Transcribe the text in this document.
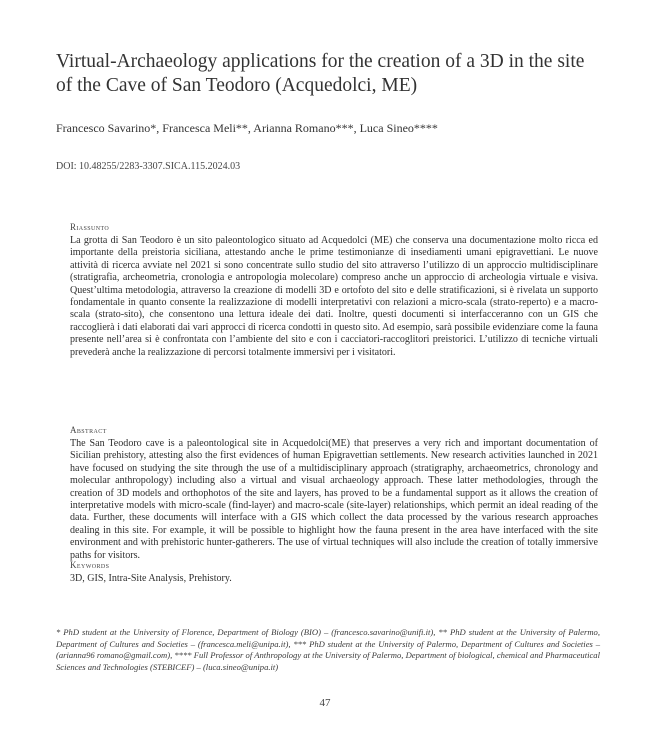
Virtual-Archaeology applications for the creation of a 3D in the site of the Cave of San Teodoro (Acquedolci, ME)
Francesco Savarino*, Francesca Meli**, Arianna Romano***, Luca Sineo****
DOI: 10.48255/2283-3307.SICA.115.2024.03
Riassunto

La grotta di San Teodoro è un sito paleontologico situato ad Acquedolci (ME) che conserva una documentazione molto ricca ed importante della preistoria siciliana, attestando anche le prime testimonianze di insediamenti umani epigravettiani. Le nuove attività di ricerca avviate nel 2021 si sono concentrate sullo studio del sito attraverso l’utilizzo di un approccio multidisciplinare (stratigrafia, archeometria, cronologia e antropologia molecolare) compreso anche un approccio di archeologia virtuale e visiva. Quest’ultima metodologia, attraverso la creazione di modelli 3D e ortofoto del sito e delle stratificazioni, si è rivelata un supporto fondamentale in quanto consente la realizzazione di modelli interpretativi con relazioni a micro-scala (strato-reperto) e a macro-scala (strato-sito), che consentono una lettura ideale dei dati. Inoltre, questi documenti si interfacceranno con un GIS che raccoglierà i dati elaborati dai vari approcci di ricerca condotti in questo sito. Ad esempio, sarà possibile evidenziare come la fauna presente nell’area si è confrontata con l’ambiente del sito e con i cacciatori-raccoglitori preistorici. L’utilizzo di tecniche virtuali prevederà anche la realizzazione di percorsi totalmente immersivi per i visitatori.

Abstract

The San Teodoro cave is a paleontological site in Acquedolci(ME) that preserves a very rich and important documentation of Sicilian prehistory, attesting also the first evidences of human Epigravettian settlements. New research activities launched in 2021 have focused on studying the site through the use of a multidisciplinary approach (stratigraphy, archaeometrics, chronology and molecular anthropology) including also a virtual and visual archaeology approach. These latter methodologies, through the creation of 3D models and orthophotos of the site and layers, has proved to be a fundamental support as it allows the creation of interpretative models with micro-scale (find-layer) and macro-scale (site-layer) relationships, which permit an ideal reading of the data. Further, these documents will interface with a GIS which collect the data processed by the various research approaches dealing in this site. For example, it will be possible to highlight how the fauna present in the area have interfaced with the site environment and with prehistoric hunter-gatherers. The use of virtual techniques will also include the creation of totally immersive paths for visitors.

Keywords

3D, GIS, Intra-Site Analysis, Prehistory.

* PhD student at the University of Florence, Department of Biology (BIO) – (francesco.savarino@unifi.it), ** PhD student at the University of Palermo, Department of Cultures and Societies – (francesca.meli@unipa.it), *** PhD student at the University of Palermo, Department of Cultures and Societies – (arianna96 romano@gmail.com), **** Full Professor of Anthropology at the University of Palermo, Department of biological, chemical and Pharmaceutical Sciences and Technologies (STEBICEF) – (luca.sineo@unipa.it)

47
